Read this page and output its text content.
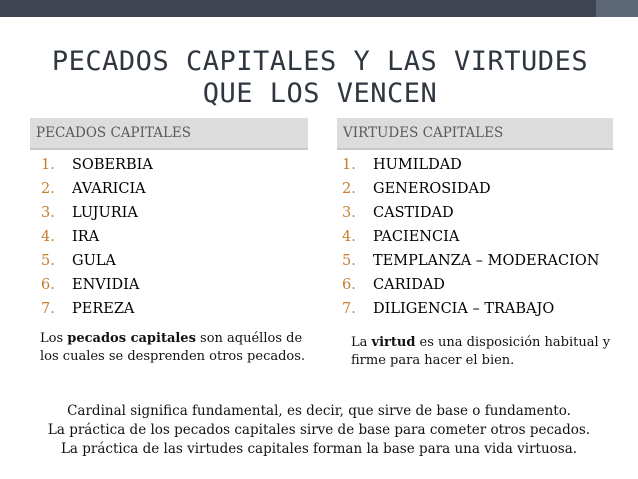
PECADOS CAPITALES Y LAS VIRTUDES
QUE LOS VENCEN
PECADOS CAPITALES	VIRTUDES CAPITALES
1. SOBERBIA
2. AVARICIA
3. LUJURIA
4. IRA
5. GULA
6. ENVIDIA
7. PEREZA
1. HUMILDAD
2. GENEROSIDAD
3. CASTIDAD
4. PACIENCIA
5. TEMPLANZA – MODERACION
6. CARIDAD
7. DILIGENCIA – TRABAJO
Los pecados capitales son aquéllos de los cuales se desprenden otros pecados.
La virtud es una disposición habitual y firme para hacer el bien.
Cardinal significa fundamental, es decir, que sirve de base o fundamento.
La práctica de los pecados capitales sirve de base para cometer otros pecados.
La práctica de las virtudes capitales forman la base para una vida virtuosa.
